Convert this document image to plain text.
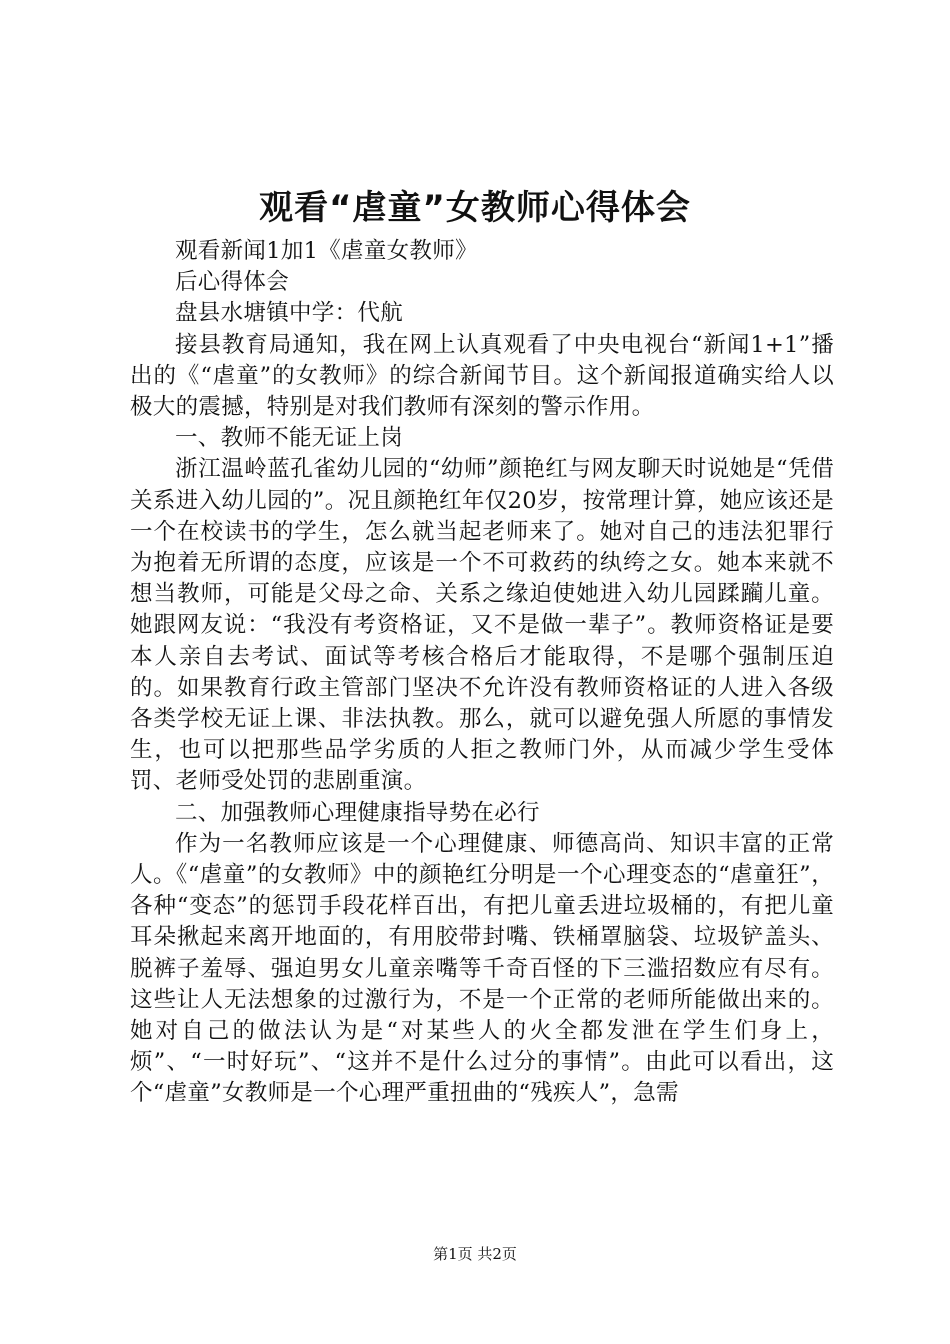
观看“虐童”女教师心得体会

观看新闻1加1《虐童女教师》

后心得体会

盘县水塘镇中学：代航

接县教育局通知，我在网上认真观看了中央电视台“新闻1+1”播出的《“虐童”的女教师》的综合新闻节目。这个新闻报道确实给人以极大的震撼，特别是对我们教师有深刻的警示作用。

一、教师不能无证上岗

浙江温岭蓝孔雀幼儿园的“幼师”颜艳红与网友聊天时说她是“凭借关系进入幼儿园的”。况且颜艳红年仅20岁，按常理计算，她应该还是一个在校读书的学生，怎么就当起老师来了。她对自己的违法犯罪行为抱着无所谓的态度，应该是一个不可救药的纨绔之女。她本来就不想当教师，可能是父母之命、关系之缘迫使她进入幼儿园蹂躏儿童。她跟网友说：“我没有考资格证，又不是做一辈子”。教师资格证是要本人亲自去考试、面试等考核合格后才能取得，不是哪个强制压迫的。如果教育行政主管部门坚决不允许没有教师资格证的人进入各级各类学校无证上课、非法执教。那么，就可以避免强人所愿的事情发生，也可以把那些品学劣质的人拒之教师门外，从而减少学生受体罚、老师受处罚的悲剧重演。

二、加强教师心理健康指导势在必行

作为一名教师应该是一个心理健康、师德高尚、知识丰富的正常人。《“虐童”的女教师》中的颜艳红分明是一个心理变态的“虐童狂”，各种“变态”的惩罚手段花样百出，有把儿童丢进垃圾桶的，有把儿童耳朵揪起来离开地面的，有用胶带封嘴、铁桶罩脑袋、垃圾铲盖头、脱裤子羞辱、强迫男女儿童亲嘴等千奇百怪的下三滥招数应有尽有。这些让人无法想象的过激行为，不是一个正常的老师所能做出来的。她对自己的做法认为是“对某些人的火全都发泄在学生们身上，烦”、“一时好玩”、“这并不是什么过分的事情”。由此可以看出，这个“虐童”女教师是一个心理严重扭曲的“残疾人”，急需

第1页 共2页
